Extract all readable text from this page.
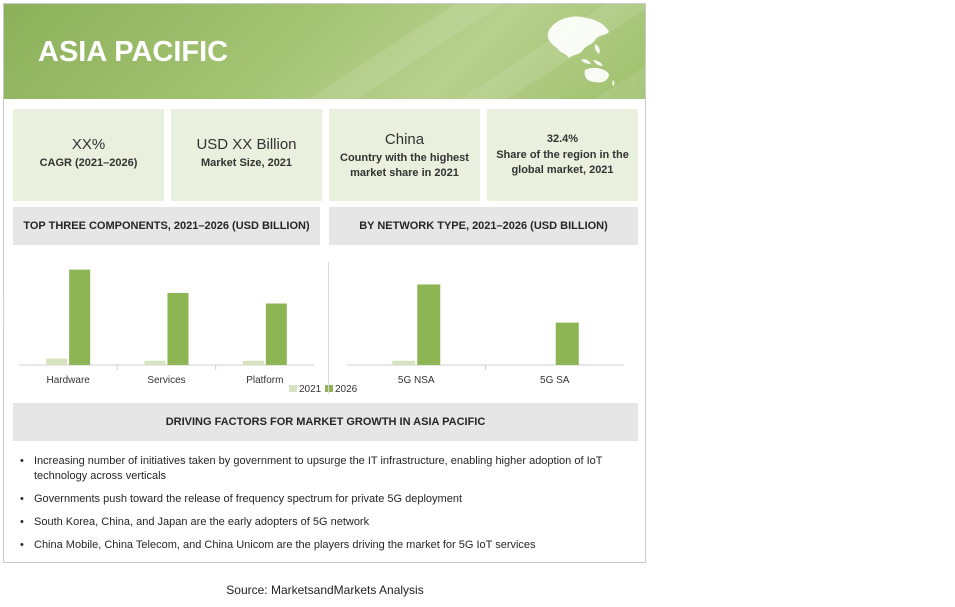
ASIA PACIFIC
XX%
CAGR (2021–2026)
USD XX Billion
Market Size, 2021
China
Country with the highest market share in 2021
32.4%
Share of the region in the global market, 2021
TOP THREE COMPONENTS, 2021–2026 (USD BILLION)	BY NETWORK TYPE, 2021–2026 (USD BILLION)
Hardware	Services	Platform
2021 2026
5G NSA	5G SA
DRIVING FACTORS FOR MARKET GROWTH IN ASIA PACIFIC
• Increasing number of initiatives taken by government to upsurge the IT infrastructure, enabling higher adoption of IoT technology across verticals
• Governments push toward the release of frequency spectrum for private 5G deployment
• South Korea, China, and Japan are the early adopters of 5G network
• China Mobile, China Telecom, and China Unicom are the players driving the market for 5G IoT services
Source: MarketsandMarkets Analysis
